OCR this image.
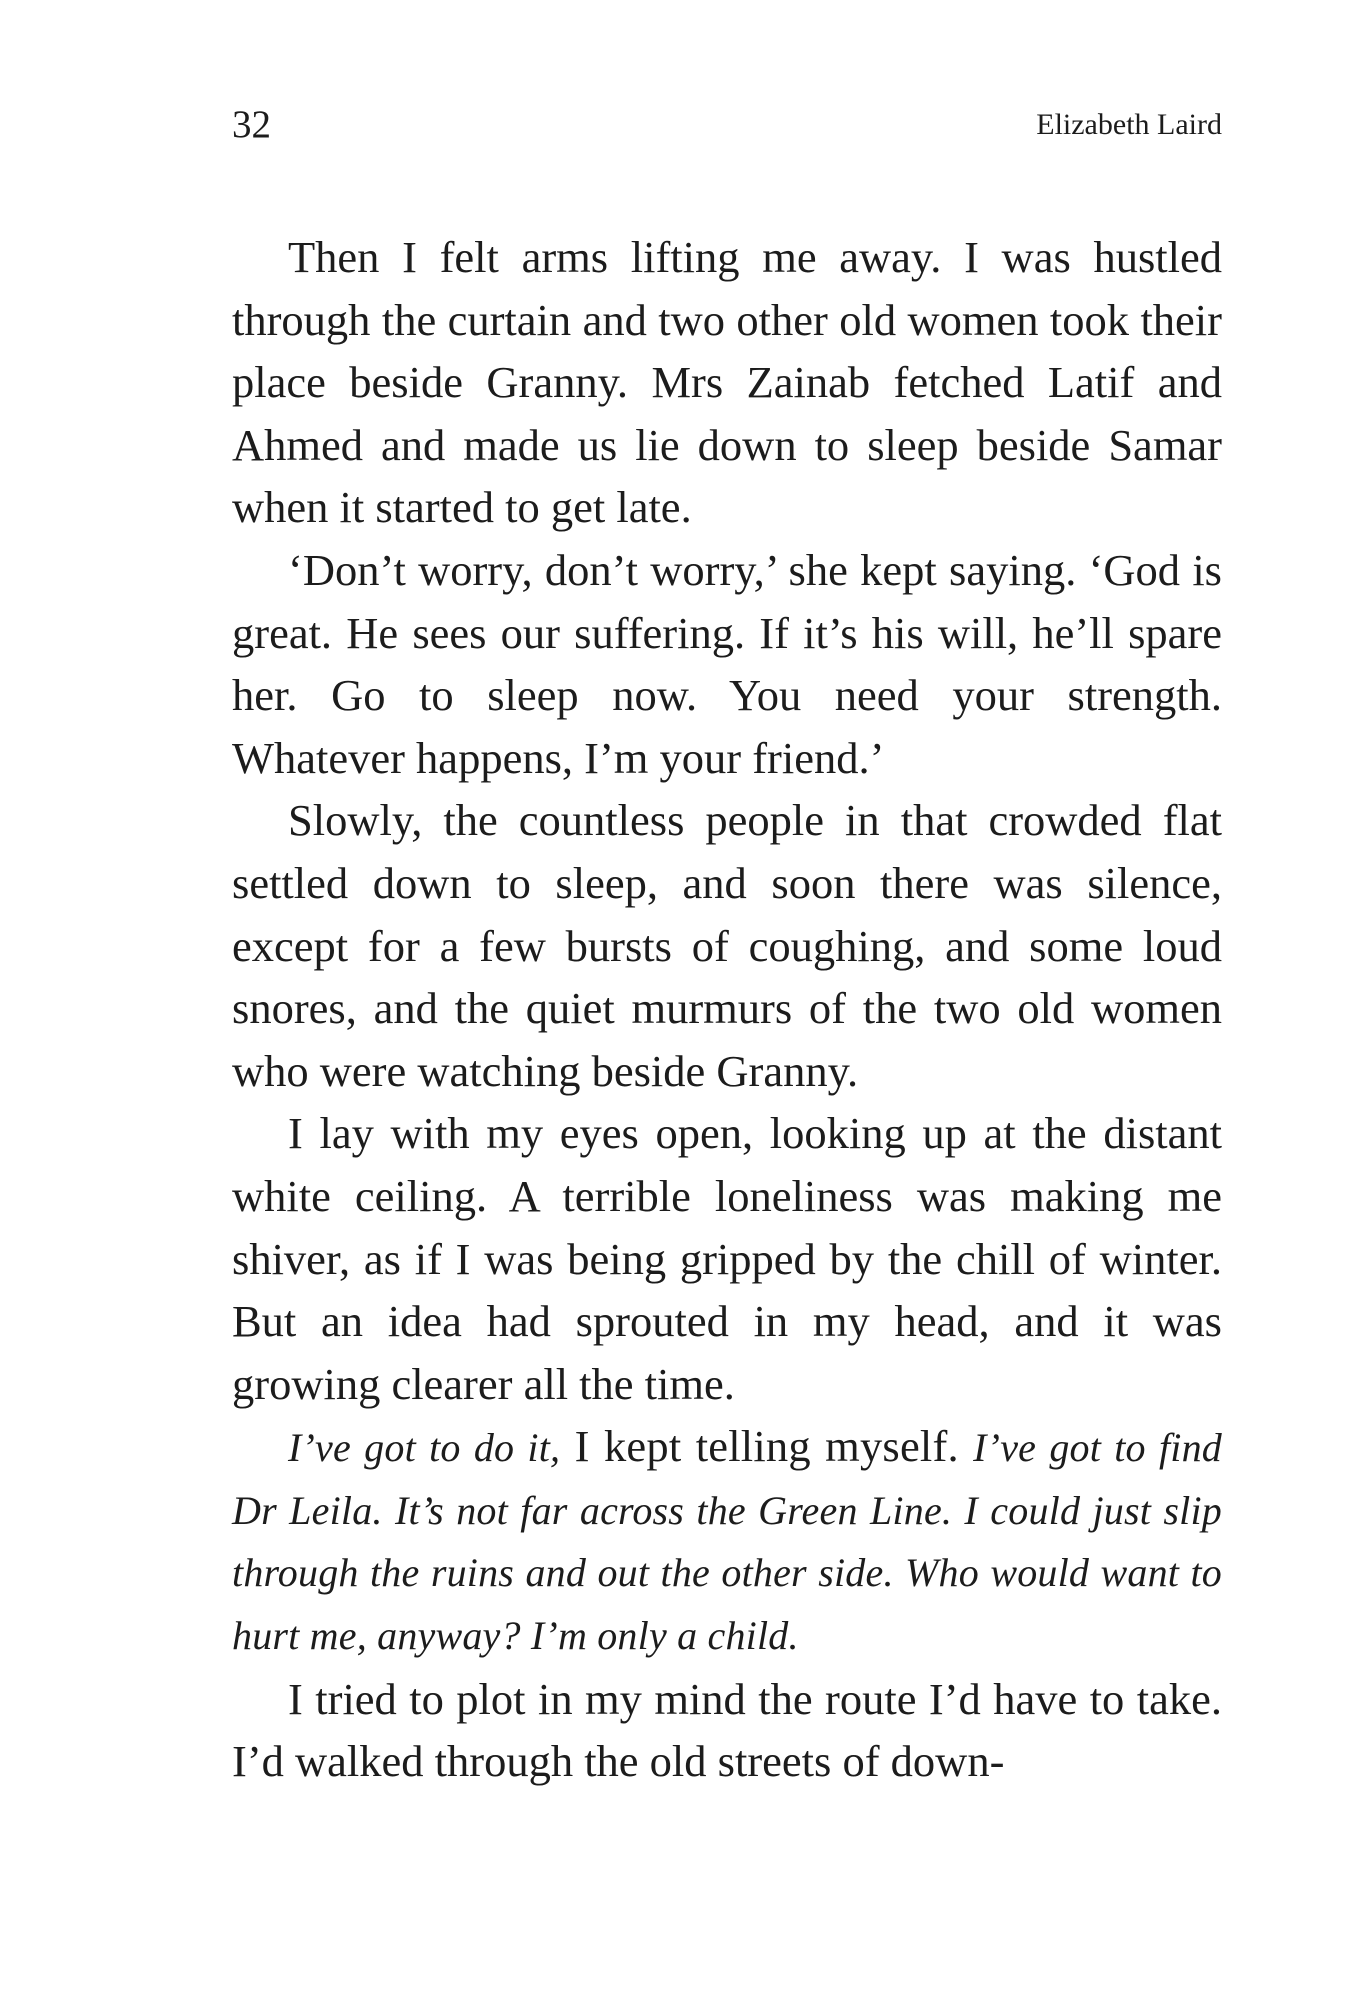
32	Elizabeth Laird

Then I felt arms lifting me away. I was hustled through the curtain and two other old women took their place beside Granny. Mrs Zainab fetched Latif and Ahmed and made us lie down to sleep beside Samar when it started to get late.

‘Don’t worry, don’t worry,’ she kept saying. ‘God is great. He sees our suffering. If it’s his will, he’ll spare her. Go to sleep now. You need your strength. Whatever happens, I’m your friend.’

Slowly, the countless people in that crowded flat settled down to sleep, and soon there was silence, except for a few bursts of coughing, and some loud snores, and the quiet murmurs of the two old women who were watching beside Granny.

I lay with my eyes open, looking up at the distant white ceiling. A terrible loneliness was making me shiver, as if I was being gripped by the chill of winter. But an idea had sprouted in my head, and it was growing clearer all the time.

I’ve got to do it, I kept telling myself. I’ve got to find Dr Leila. It’s not far across the Green Line. I could just slip through the ruins and out the other side. Who would want to hurt me, anyway? I’m only a child.

I tried to plot in my mind the route I’d have to take. I’d walked through the old streets of down-
